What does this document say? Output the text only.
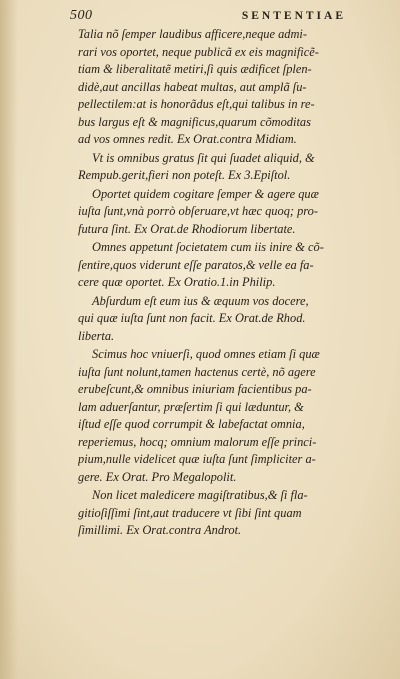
500	SENTENTIAE
Talia nõ ſemper laudibus afficere,neque admi-
rari vos oportet, neque publicã ex eis magnificẽ-
tiam & liberalitatẽ metiri,ſi quis ædificet ſplen-
didè,aut ancillas habeat multas, aut amplã ſu-
pellectilem:at is honorãdus eſt,qui talibus in re-
bus largus eſt & magnificus,quarum cõmoditas
ad vos omnes redit. Ex Orat.contra Midiam.
Vt is omnibus gratus ſit qui ſuadet aliquid, &
Rempub.gerit,fieri non poteſt. Ex 3.Epiſtol.
Oportet quidem cogitare ſemper & agere quæ
iuſta ſunt,vnà porrò obſeruare,vt hæc quoq; pro-
futura ſint. Ex Orat.de Rhodiorum libertate.
Omnes appetunt ſocietatem cum iis inire & cõ-
ſentire,quos viderunt eſſe paratos,& velle ea fa-
cere quæ oportet. Ex Oratio.1.in Philip.
Abſurdum eſt eum ius & æquum vos docere,
qui quæ iuſta ſunt non facit. Ex Orat.de Rhod.
liberta.
Scimus hoc vniuerſi, quod omnes etiam ſi quæ
iuſta ſunt nolunt,tamen hactenus certè, nõ agere
erubeſcunt,& omnibus iniuriam facientibus pa-
lam aduerſantur, præſertim ſi qui læduntur, &
iſtud eſſe quod corrumpit & labefactat omnia,
reperiemus, hocq; omnium malorum eſſe princi-
pium,nulle videlicet quæ iuſta ſunt ſimpliciter a-
gere. Ex Orat. Pro Megalopolit.
Non licet maledicere magiſtratibus,& ſi fla-
gitioſiſſimi ſint,aut traducere vt ſibi ſint quam
ſimillimi. Ex Orat.contra Androt.
